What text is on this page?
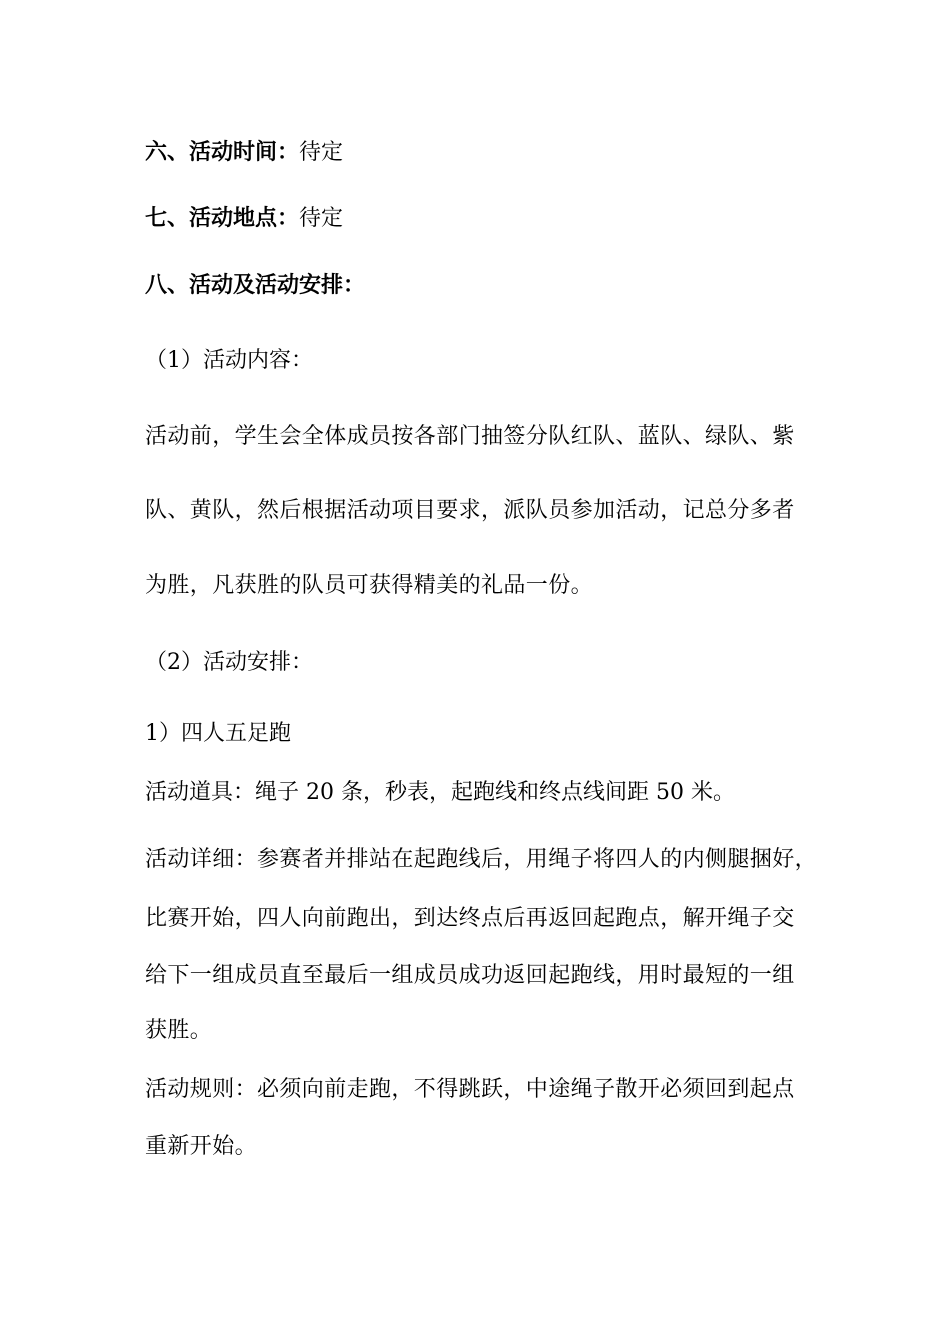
六、活动时间：待定
七、活动地点：待定
八、活动及活动安排：
（1）活动内容：
活动前，学生会全体成员按各部门抽签分队红队、蓝队、绿队、紫
队、黄队，然后根据活动项目要求，派队员参加活动，记总分多者
为胜，凡获胜的队员可获得精美的礼品一份。
（2）活动安排：
1）四人五足跑
活动道具：绳子 20 条，秒表，起跑线和终点线间距 50 米。
活动详细：参赛者并排站在起跑线后，用绳子将四人的内侧腿捆好，
比赛开始，四人向前跑出，到达终点后再返回起跑点，解开绳子交
给下一组成员直至最后一组成员成功返回起跑线，用时最短的一组
获胜。
活动规则：必须向前走跑，不得跳跃，中途绳子散开必须回到起点
重新开始。
